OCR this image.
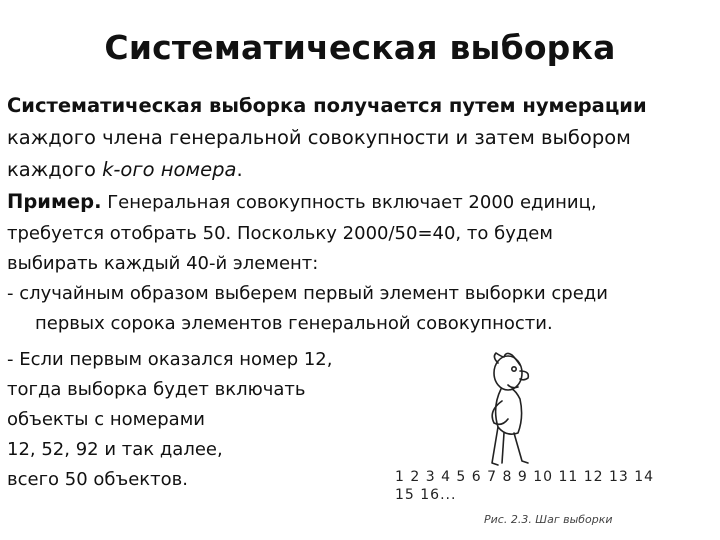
Систематическая выборка
Систематическая выборка получается путем нумерации
каждого члена генеральной совокупности и затем выбором
каждого k-ого номера.
Пример. Генеральная совокупность включает 2000 единиц,
требуется отобрать 50. Поскольку 2000/50=40, то будем
выбирать каждый 40-й элемент:
- случайным образом выберем первый элемент выборки среди
первых сорока элементов генеральной совокупности.
- Если первым оказался номер 12,
тогда выборка будет включать
объекты с номерами
12, 52, 92 и так далее,
всего 50 объектов.	1 2 3 4 5 6 7 8 9 10 11 12 13 14
15 16...
Рис. 2.3. Шаг выборки
